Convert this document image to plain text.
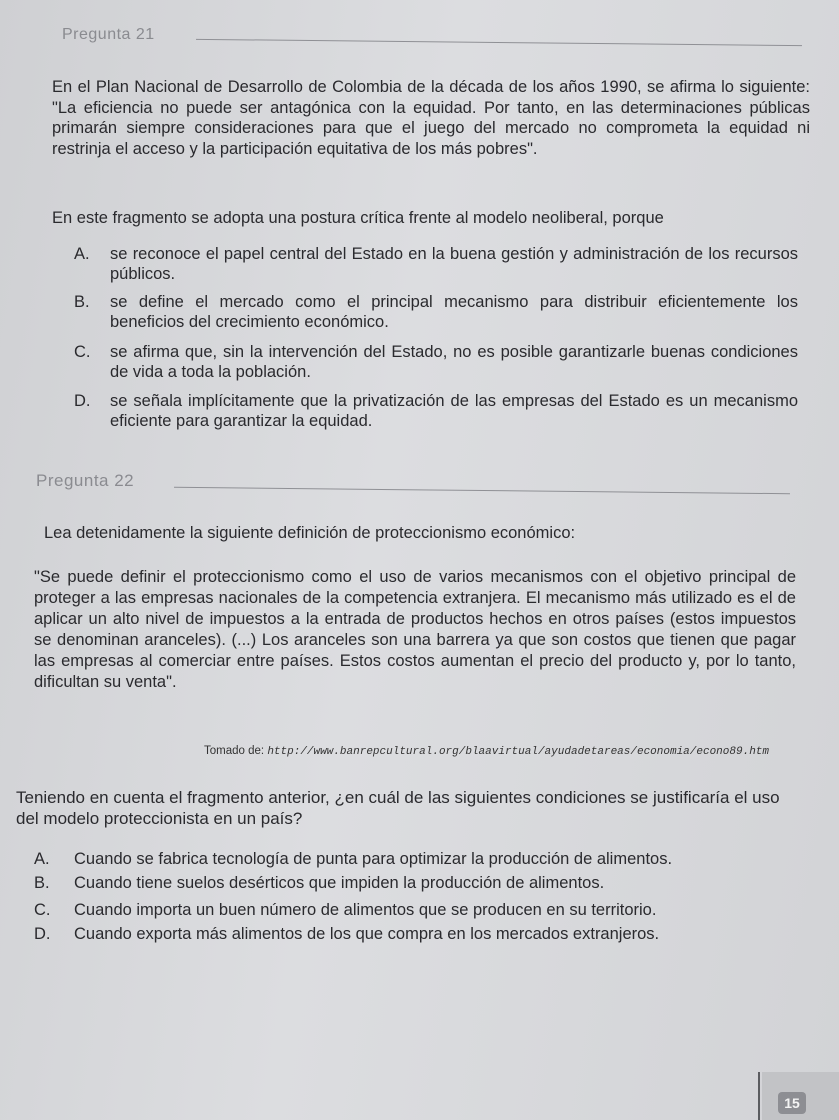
Pregunta 21
En el Plan Nacional de Desarrollo de Colombia de la década de los años 1990, se afirma lo siguiente: "La eficiencia no puede ser antagónica con la equidad. Por tanto, en las determinaciones públicas primarán siempre consideraciones para que el juego del mercado no comprometa la equidad ni restrinja el acceso y la participación equitativa de los más pobres".
En este fragmento se adopta una postura crítica frente al modelo neoliberal, porque
A.	se reconoce el papel central del Estado en la buena gestión y administración de los recursos públicos.
B.	se define el mercado como el principal mecanismo para distribuir eficientemente los beneficios del crecimiento económico.
C.	se afirma que, sin la intervención del Estado, no es posible garantizarle buenas condiciones de vida a toda la población.
D.	se señala implícitamente que la privatización de las empresas del Estado es un mecanismo eficiente para garantizar la equidad.
Pregunta 22
Lea detenidamente la siguiente definición de proteccionismo económico:
"Se puede definir el proteccionismo como el uso de varios mecanismos con el objetivo principal de proteger a las empresas nacionales de la competencia extranjera. El mecanismo más utilizado es el de aplicar un alto nivel de impuestos a la entrada de productos hechos en otros países (estos impuestos se denominan aranceles). (...) Los aranceles son una barrera ya que son costos que tienen que pagar las empresas al comerciar entre países. Estos costos aumentan el precio del producto y, por lo tanto, dificultan su venta".
Tomado de: http://www.banrepcultural.org/blaavirtual/ayudadetareas/economia/econo89.htm
Teniendo en cuenta el fragmento anterior, ¿en cuál de las siguientes condiciones se justificaría el uso del modelo proteccionista en un país?
A.	Cuando se fabrica tecnología de punta para optimizar la producción de alimentos.
B.	Cuando tiene suelos desérticos que impiden la producción de alimentos.
C.	Cuando importa un buen número de alimentos que se producen en su territorio.
D.	Cuando exporta más alimentos de los que compra en los mercados extranjeros.
15
